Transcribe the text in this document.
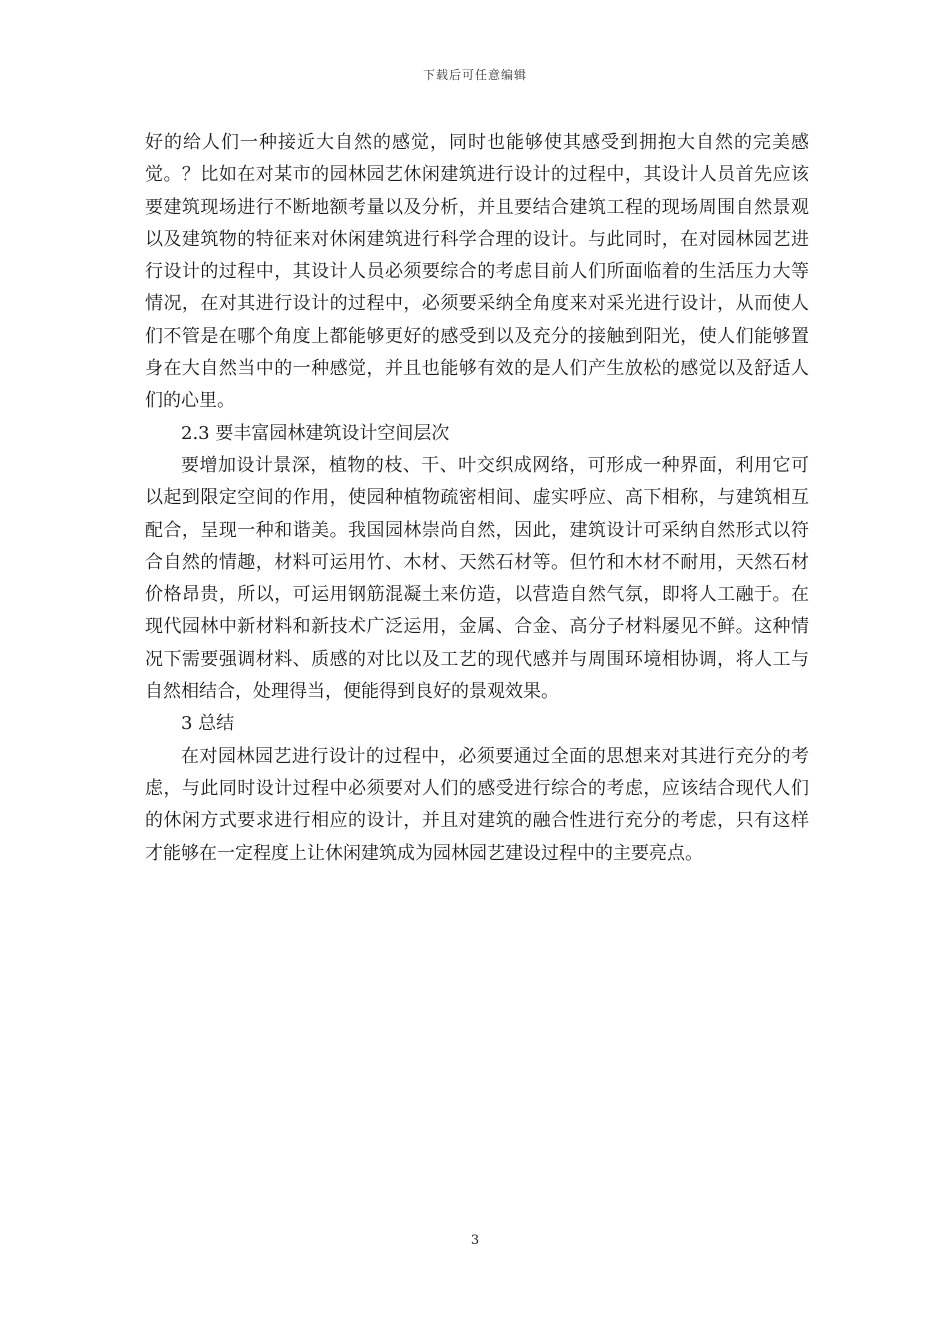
下载后可任意编辑

好的给人们一种接近大自然的感觉，同时也能够使其感受到拥抱大自然的完美感觉。？比如在对某市的园林园艺休闲建筑进行设计的过程中，其设计人员首先应该要建筑现场进行不断地额考量以及分析，并且要结合建筑工程的现场周围自然景观以及建筑物的特征来对休闲建筑进行科学合理的设计。与此同时，在对园林园艺进行设计的过程中，其设计人员必须要综合的考虑目前人们所面临着的生活压力大等情况，在对其进行设计的过程中，必须要采纳全角度来对采光进行设计，从而使人们不管是在哪个角度上都能够更好的感受到以及充分的接触到阳光，使人们能够置身在大自然当中的一种感觉，并且也能够有效的是人们产生放松的感觉以及舒适人们的心里。

2.3 要丰富园林建筑设计空间层次

要增加设计景深，植物的枝、干、叶交织成网络，可形成一种界面，利用它可以起到限定空间的作用，使园种植物疏密相间、虚实呼应、高下相称，与建筑相互配合，呈现一种和谐美。我国园林崇尚自然，因此，建筑设计可采纳自然形式以符合自然的情趣，材料可运用竹、木材、天然石材等。但竹和木材不耐用，天然石材价格昂贵，所以，可运用钢筋混凝土来仿造，以营造自然气氛，即将人工融于。在现代园林中新材料和新技术广泛运用，金属、合金、高分子材料屡见不鲜。这种情况下需要强调材料、质感的对比以及工艺的现代感并与周围环境相协调，将人工与自然相结合，处理得当，便能得到良好的景观效果。

3 总结

在对园林园艺进行设计的过程中，必须要通过全面的思想来对其进行充分的考虑，与此同时设计过程中必须要对人们的感受进行综合的考虑，应该结合现代人们的休闲方式要求进行相应的设计，并且对建筑的融合性进行充分的考虑，只有这样才能够在一定程度上让休闲建筑成为园林园艺建设过程中的主要亮点。

3
